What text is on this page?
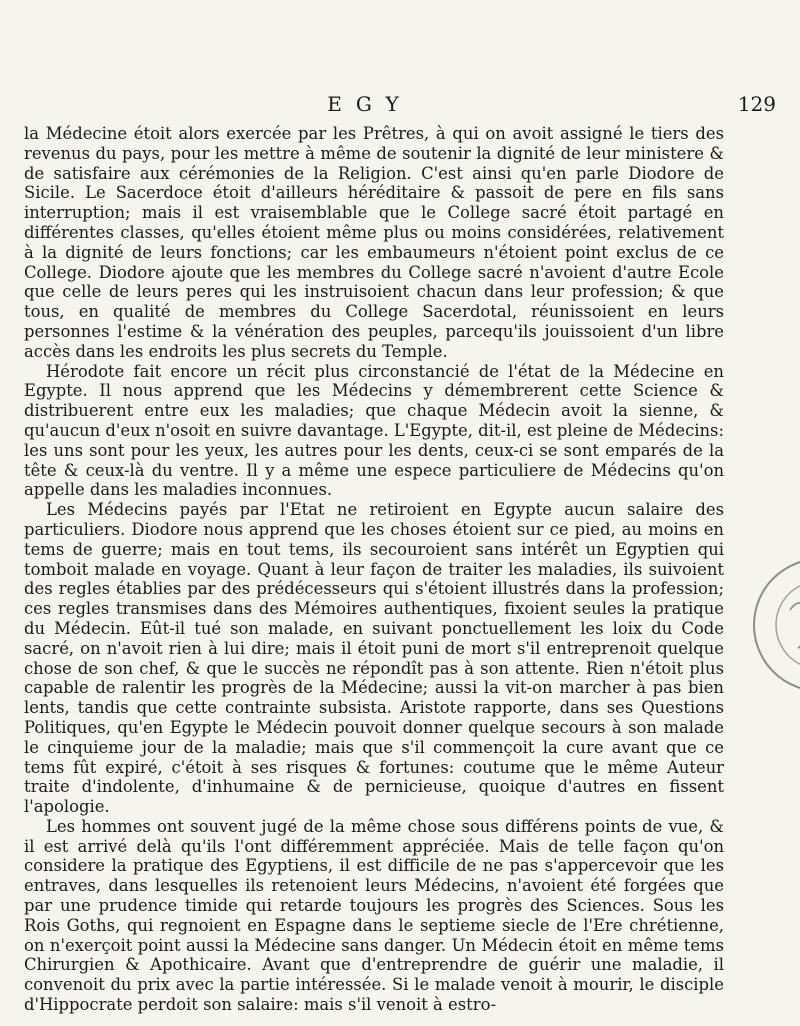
EGY	129

la Médecine étoit alors exercée par les Prêtres, à qui on avoit assigné le tiers des revenus du pays, pour les mettre à même de soutenir la dignité de leur ministere & de satisfaire aux cérémonies de la Religion. C'est ainsi qu'en parle Diodore de Sicile. Le Sacerdoce étoit d'ailleurs héréditaire & passoit de pere en fils sans interruption; mais il est vraisemblable que le College sacré étoit partagé en différentes classes, qu'elles étoient même plus ou moins considérées, relativement à la dignité de leurs fonctions; car les embaumeurs n'étoient point exclus de ce College. Diodore ajoute que les membres du College sacré n'avoient d'autre Ecole que celle de leurs peres qui les instruisoient chacun dans leur profession; & que tous, en qualité de membres du College Sacerdotal, réunissoient en leurs personnes l'estime & la vénération des peuples, parcequ'ils jouissoient d'un libre accès dans les endroits les plus secrets du Temple.

Hérodote fait encore un récit plus circonstancié de l'état de la Médecine en Egypte. Il nous apprend que les Médecins y démembrerent cette Science & distribuerent entre eux les maladies; que chaque Médecin avoit la sienne, & qu'aucun d'eux n'osoit en suivre davantage. L'Egypte, dit-il, est pleine de Médecins: les uns sont pour les yeux, les autres pour les dents, ceux-ci se sont emparés de la tête & ceux-là du ventre. Il y a même une espece particuliere de Médecins qu'on appelle dans les maladies inconnues.

Les Médecins payés par l'Etat ne retiroient en Egypte aucun salaire des particuliers. Diodore nous apprend que les choses étoient sur ce pied, au moins en tems de guerre; mais en tout tems, ils secouroient sans intérêt un Egyptien qui tomboit malade en voyage. Quant à leur façon de traiter les maladies, ils suivoient des regles établies par des prédécesseurs qui s'étoient illustrés dans la profession; ces regles transmises dans des Mémoires authentiques, fixoient seules la pratique du Médecin. Eût-il tué son malade, en suivant ponctuellement les loix du Code sacré, on n'avoit rien à lui dire; mais il étoit puni de mort s'il entreprenoit quelque chose de son chef, & que le succès ne répondît pas à son attente. Rien n'étoit plus capable de ralentir les progrès de la Médecine; aussi la vit-on marcher à pas bien lents, tandis que cette contrainte subsista. Aristote rapporte, dans ses Questions Politiques, qu'en Egypte le Médecin pouvoit donner quelque secours à son malade le cinquieme jour de la maladie; mais que s'il commençoit la cure avant que ce tems fût expiré, c'étoit à ses risques & fortunes: coutume que le même Auteur traite d'indolente, d'inhumaine & de pernicieuse, quoique d'autres en fissent l'apologie.

Les hommes ont souvent jugé de la même chose sous différens points de vue, & il est arrivé delà qu'ils l'ont différemment appréciée. Mais de telle façon qu'on considere la pratique des Egyptiens, il est difficile de ne pas s'appercevoir que les entraves, dans lesquelles ils retenoient leurs Médecins, n'avoient été forgées que par une prudence timide qui retarde toujours les progrès des Sciences. Sous les Rois Goths, qui regnoient en Espagne dans le septieme siecle de l'Ere chrétienne, on n'exerçoit point aussi la Médecine sans danger. Un Médecin étoit en même tems Chirurgien & Apothicaire. Avant que d'entreprendre de guérir une maladie, il convenoit du prix avec la partie intéressée. Si le malade venoit à mourir, le disciple d'Hippocrate perdoit son salaire: mais s'il venoit à estro-
